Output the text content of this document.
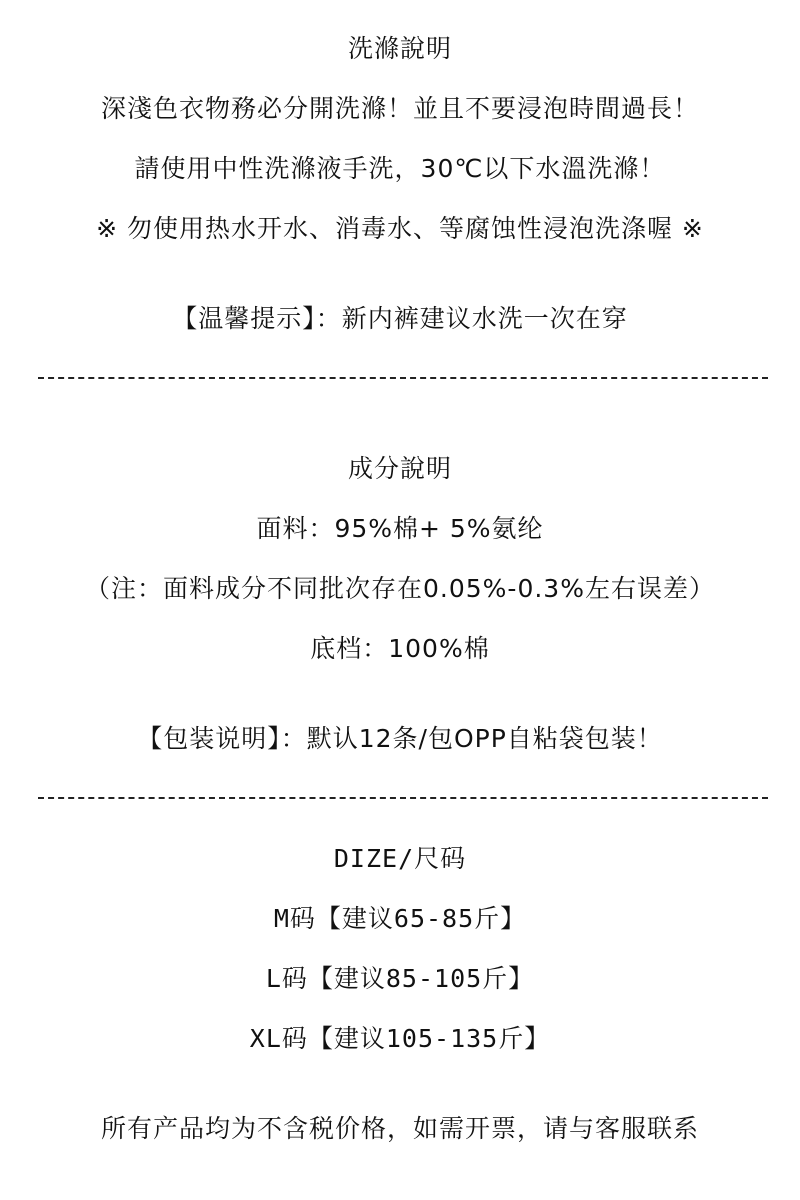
洗滌說明
深淺色衣物務必分開洗滌！並且不要浸泡時間過長！
請使用中性洗滌液手洗，30℃以下水溫洗滌！
※ 勿使用热水开水、消毒水、等腐蚀性浸泡洗涤喔 ※
【温馨提示】：新内裤建议水洗一次在穿
成分說明
面料：95%棉+ 5%氨纶
（注：面料成分不同批次存在0.05%-0.3%左右误差）
底档：100%棉
【包装说明】：默认12条/包OPP自粘袋包装！
DIZE/尺码
M码【建议65-85斤】
L码【建议85-105斤】
XL码【建议105-135斤】
所有产品均为不含税价格，如需开票，请与客服联系
